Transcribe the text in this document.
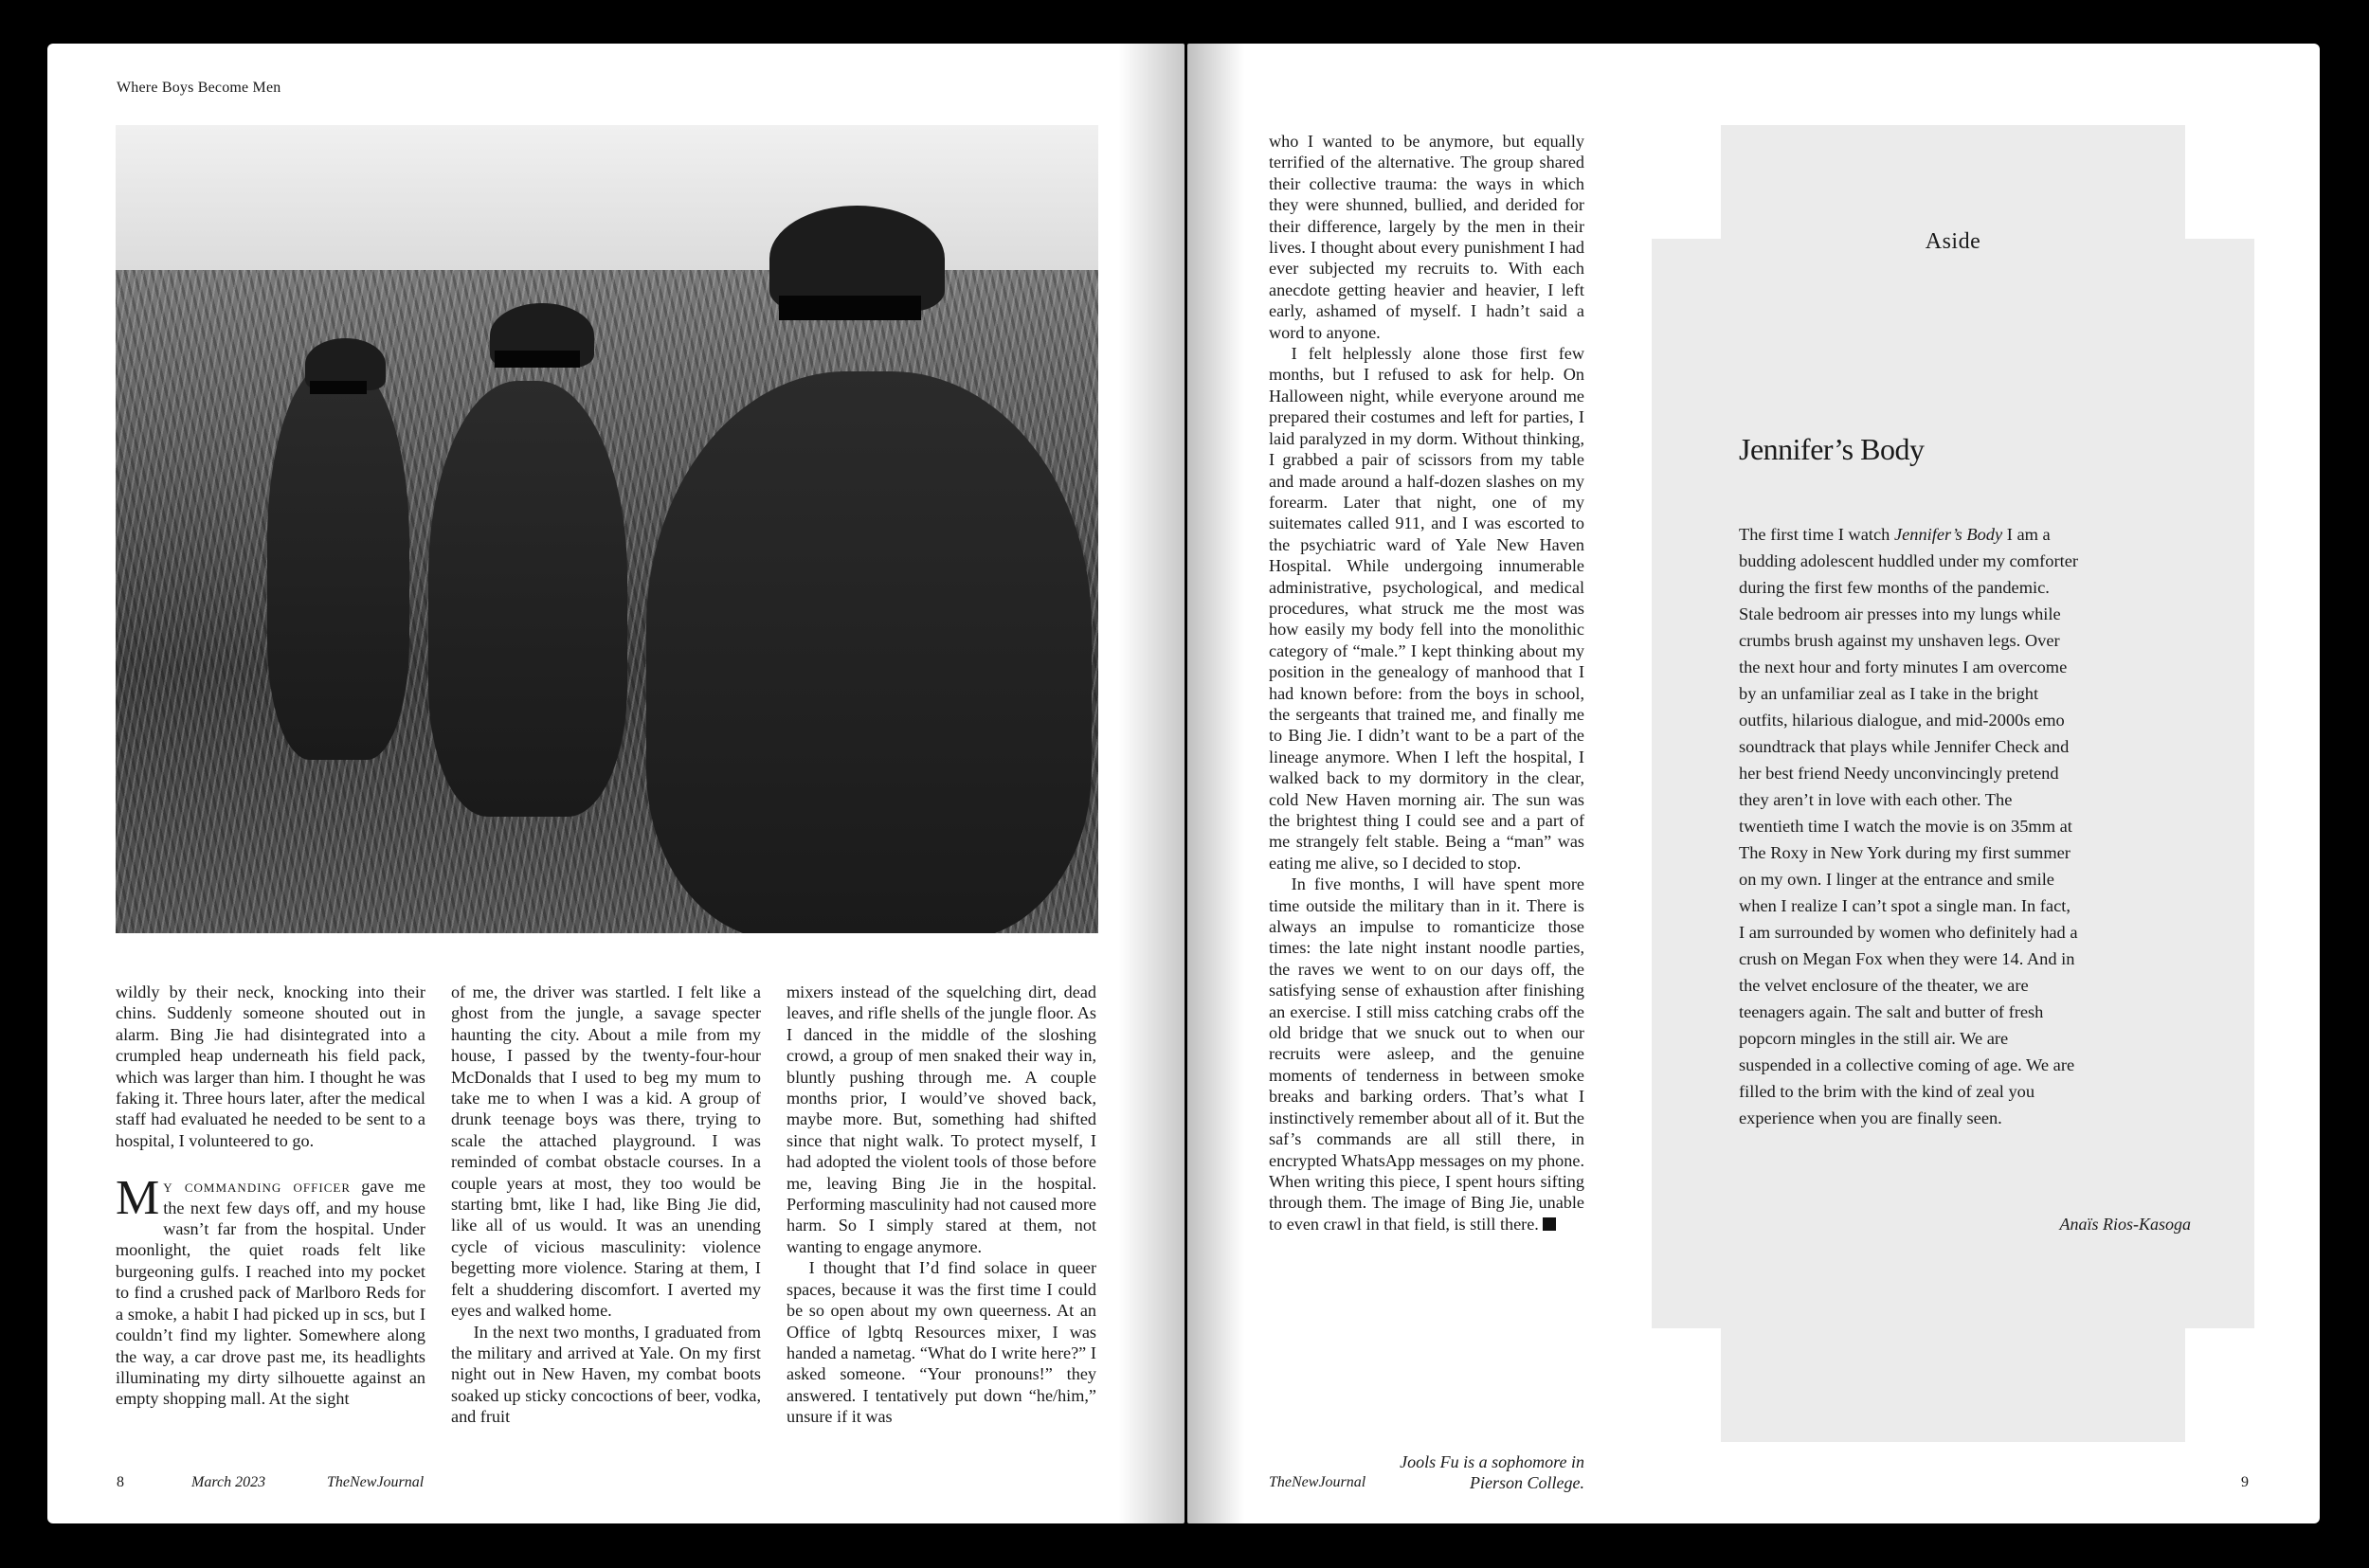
Where Boys Become Men

wildly by their neck, knocking into their chins. Suddenly someone shouted out in alarm. Bing Jie had disintegrated into a crumpled heap underneath his field pack, which was larger than him. I thought he was faking it. Three hours later, after the medical staff had evaluated he needed to be sent to a hospital, I volunteered to go.

My commanding officer gave me the next few days off, and my house wasn’t far from the hospital. Under moonlight, the quiet roads felt like burgeoning gulfs. I reached into my pocket to find a crushed pack of Marlboro Reds for a smoke, a habit I had picked up in scs, but I couldn’t find my lighter. Somewhere along the way, a car drove past me, its headlights illuminating my dirty silhouette against an empty shopping mall. At the sight

of me, the driver was startled. I felt like a ghost from the jungle, a savage specter haunting the city. About a mile from my house, I passed by the twenty-four-hour McDonalds that I used to beg my mum to take me to when I was a kid. A group of drunk teenage boys was there, trying to scale the attached playground. I was reminded of combat obstacle courses. In a couple years at most, they too would be starting bmt, like I had, like Bing Jie did, like all of us would. It was an unending cycle of vicious masculinity: violence begetting more violence. Staring at them, I felt a shuddering discomfort. I averted my eyes and walked home.

In the next two months, I graduated from the military and arrived at Yale. On my first night out in New Haven, my combat boots soaked up sticky concoctions of beer, vodka, and fruit

mixers instead of the squelching dirt, dead leaves, and rifle shells of the jungle floor. As I danced in the middle of the sloshing crowd, a group of men snaked their way in, bluntly pushing through me. A couple months prior, I would’ve shoved back, maybe more. But, something had shifted since that night walk. To protect myself, I had adopted the violent tools of those before me, leaving Bing Jie in the hospital. Performing masculinity had not caused more harm. So I simply stared at them, not wanting to engage anymore.

I thought that I’d find solace in queer spaces, because it was the first time I could be so open about my own queerness. At an Office of lgbtq Resources mixer, I was handed a nametag. “What do I write here?” I asked someone. “Your pronouns!” they answered. I tentatively put down “he/him,” unsure if it was

8	March 2023	TheNewJournal

who I wanted to be anymore, but equally terrified of the alternative. The group shared their collective trauma: the ways in which they were shunned, bullied, and derided for their difference, largely by the men in their lives. I thought about every punishment I had ever subjected my recruits to. With each anecdote getting heavier and heavier, I left early, ashamed of myself. I hadn’t said a word to anyone.

I felt helplessly alone those first few months, but I refused to ask for help. On Halloween night, while everyone around me prepared their costumes and left for parties, I laid paralyzed in my dorm. Without thinking, I grabbed a pair of scissors from my table and made around a half-dozen slashes on my forearm. Later that night, one of my suitemates called 911, and I was escorted to the psychiatric ward of Yale New Haven Hospital. While undergoing innumerable administrative, psychological, and medical procedures, what struck me the most was how easily my body fell into the monolithic category of “male.” I kept thinking about my position in the genealogy of manhood that I had known before: from the boys in school, the sergeants that trained me, and finally me to Bing Jie. I didn’t want to be a part of the lineage anymore. When I left the hospital, I walked back to my dormitory in the clear, cold New Haven morning air. The sun was the brightest thing I could see and a part of me strangely felt stable. Being a “man” was eating me alive, so I decided to stop.

In five months, I will have spent more time outside the military than in it. There is always an impulse to romanticize those times: the late night instant noodle parties, the raves we went to on our days off, the satisfying sense of exhaustion after finishing an exercise. I still miss catching crabs off the old bridge that we snuck out to when our recruits were asleep, and the genuine moments of tenderness in between smoke breaks and barking orders. That’s what I instinctively remember about all of it. But the saf’s commands are all still there, in encrypted WhatsApp messages on my phone. When writing this piece, I spent hours sifting through them. The image of Bing Jie, unable to even crawl in that field, is still there.

Jools Fu is a sophomore in
Pierson College.
Aside
Jennifer’s Body
The first time I watch Jennifer’s Body I am a budding adolescent huddled under my comforter during the first few months of the pandemic. Stale bedroom air presses into my lungs while crumbs brush against my unshaven legs. Over the next hour and forty minutes I am overcome by an unfamiliar zeal as I take in the bright outfits, hilarious dialogue, and mid-2000s emo soundtrack that plays while Jennifer Check and her best friend Needy unconvincingly pretend they aren’t in love with each other. The twentieth time I watch the movie is on 35mm at The Roxy in New York during my first summer on my own. I linger at the entrance and smile when I realize I can’t spot a single man. In fact, I am surrounded by women who definitely had a crush on Megan Fox when they were 14. And in the velvet enclosure of the theater, we are teenagers again. The salt and butter of fresh popcorn mingles in the still air. We are suspended in a collective coming of age. We are filled to the brim with the kind of zeal you experience when you are finally seen.
Anaïs Rios-Kasoga
TheNewJournal	9
